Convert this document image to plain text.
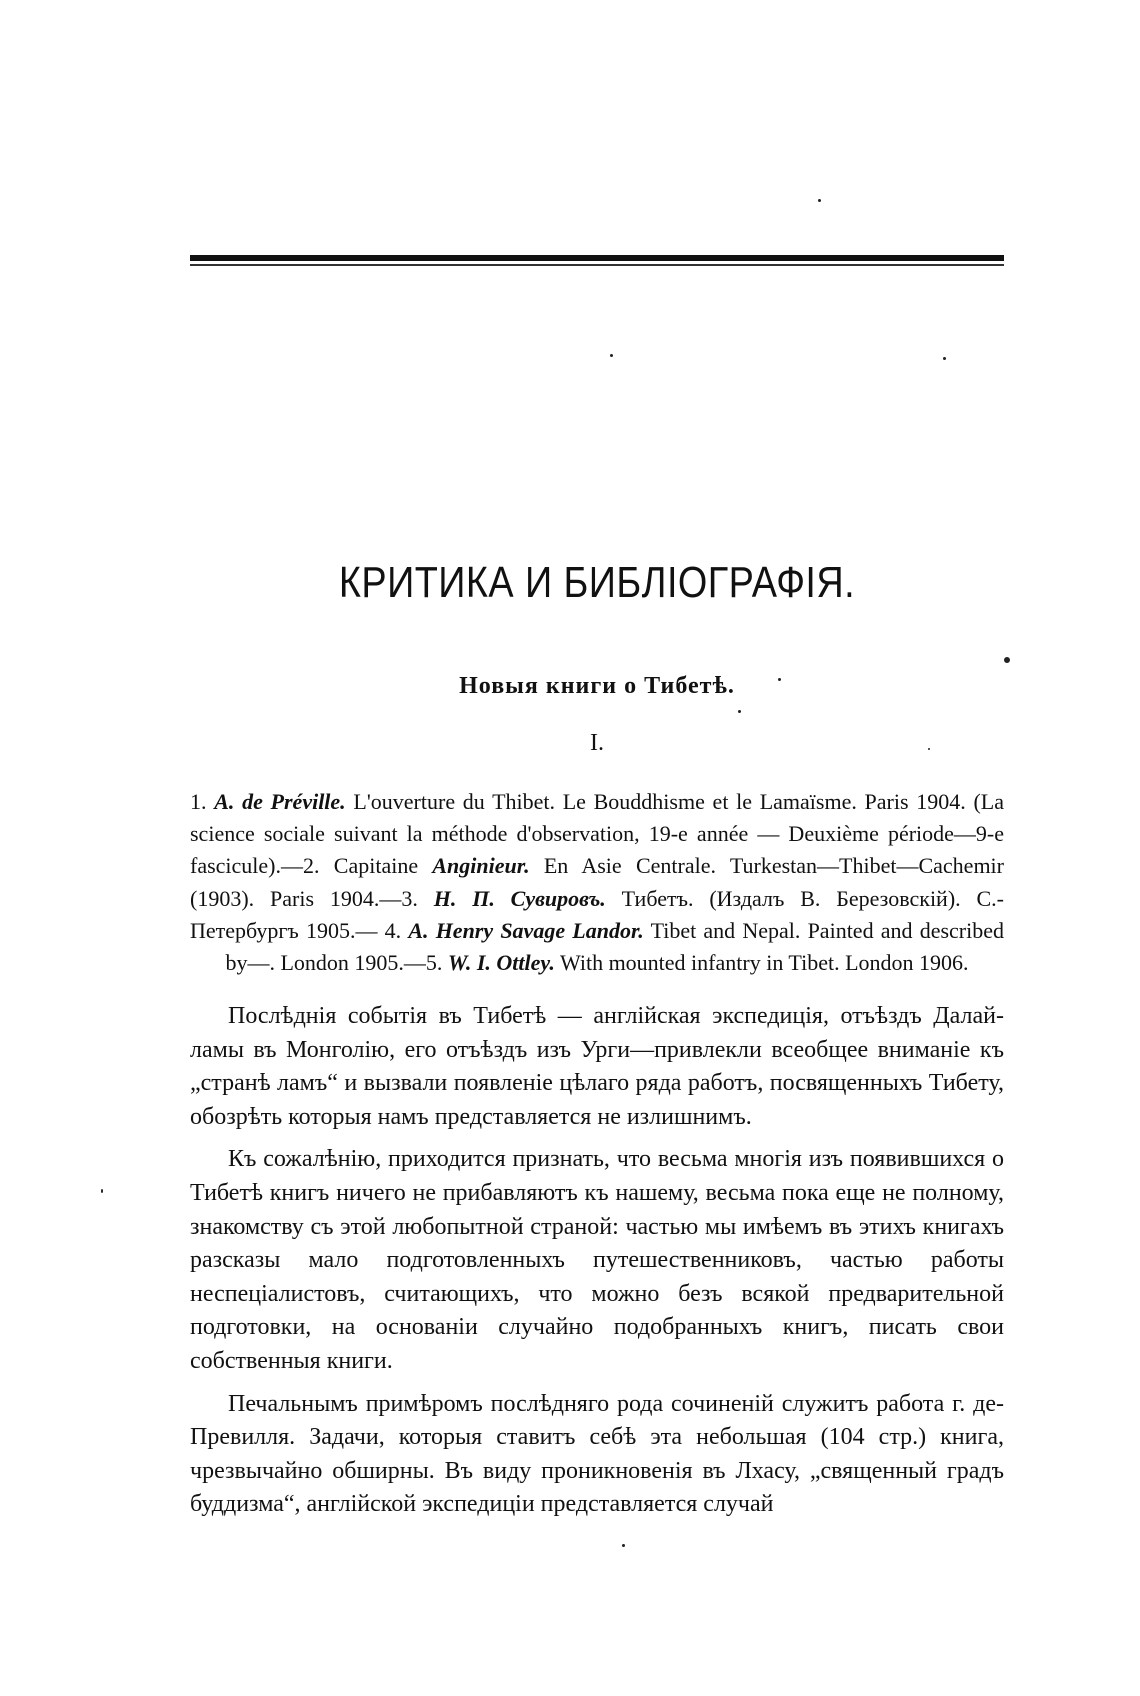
КРИТИКА И БИБЛІОГРАФІЯ.
Новыя книги о Тибетѣ.
I.
1. A. de Préville. L'ouverture du Thibet. Le Bouddhisme et le Lamaïsme. Paris 1904. (La science sociale suivant la méthode d'observation, 19-e année — Deuxième période—9-e fascicule).—2. Capitaine Anginieur. En Asie Centrale. Turkestan—Thibet—Cachemir (1903). Paris 1904.—3. Н. П. Сувировъ. Тибетъ. (Издалъ В. Березовскій). С.-Петербургъ 1905.— 4. A. Henry Savage Landor. Tibet and Nepal. Painted and described by—. London 1905.—5. W. I. Ottley. With mounted infantry in Tibet. London 1906.

Послѣднія событія въ Тибетѣ — англійская экспедиція, отъѣздъ Далай-ламы въ Монголію, его отъѣздъ изъ Урги—привлекли всеобщее вниманіе къ „странѣ ламъ“ и вызвали появленіе цѣлаго ряда работъ, посвященныхъ Тибету, обозрѣть которыя намъ представляется не излишнимъ.

Къ сожалѣнію, приходится признать, что весьма многія изъ появившихся о Тибетѣ книгъ ничего не прибавляютъ къ нашему, весьма пока еще не полному, знакомству съ этой любопытной страной: частью мы имѣемъ въ этихъ книгахъ разсказы мало подготовленныхъ путешественниковъ, частью работы неспеціалистовъ, считающихъ, что можно безъ всякой предварительной подготовки, на основаніи случайно подобранныхъ книгъ, писать свои собственныя книги.

Печальнымъ примѣромъ послѣдняго рода сочиненій служитъ работа г. де-Превилля. Задачи, которыя ставитъ себѣ эта небольшая (104 стр.) книга, чрезвычайно обширны. Въ виду проникновенія въ Лхасу, „священный градъ буддизма“, англійской экспедиціи представляется случай
